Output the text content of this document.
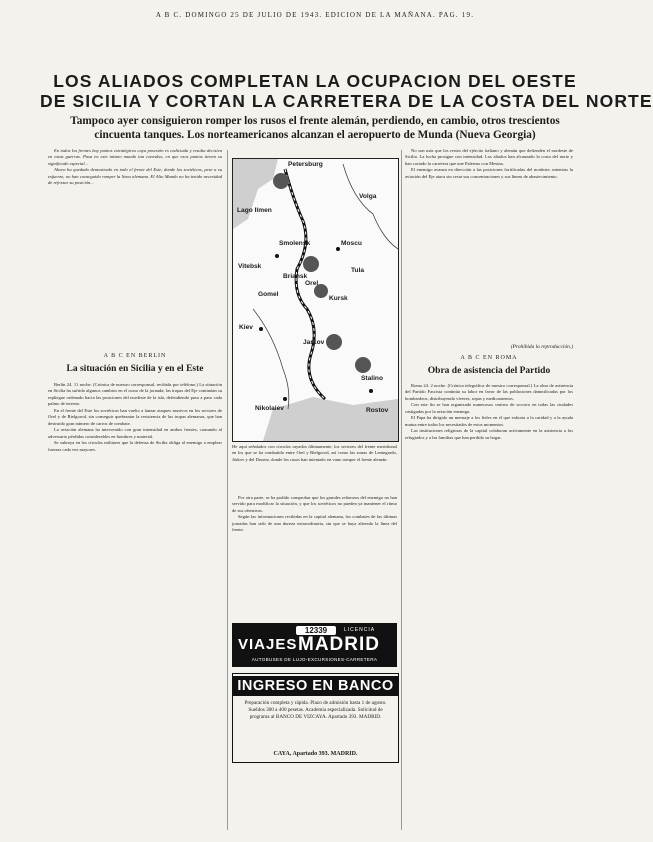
A B C. DOMINGO 25 DE JULIO DE 1943. EDICION DE LA MAÑANA. PAG. 19.
LOS ALIADOS COMPLETAN LA OCUPACION DEL OESTE
DE SICILIA Y CORTAN LA CARRETERA DE LA COSTA DEL NORTE
Tampoco ayer consiguieron romper los rusos el frente alemán, perdiendo, en cambio, otros trescientos
cincuenta tanques. Los norteamericanos alcanzan el aeropuerto de Munda (Nueva Georgia)

En todos los frentes hay puntos estratégicos cuya posesión es codiciada y resulta decisiva en estas guerras. Pasa en este mismo mundo tan convulso, en que esos puntos tienen su significado especial...

Ahora ha quedado demostrado en todo el frente del Este, donde los soviéticos, pese a su esfuerzo, no han conseguido romper la línea alemana. El Alto Mando no ha tenido necesidad de reforzar su posición...

A B C EN BERLIN
La situación en Sicilia y en el Este

Berlín 24. 11 noche. (Crónica de nuestro corresponsal, recibida por teléfono.) La situación en Sicilia ha sufrido algunos cambios en el curso de la jornada; las tropas del Eje continúan su repliegue ordenado hacia las posiciones del nordeste de la isla, defendiendo paso a paso cada palmo de terreno.

En el frente del Este los soviéticos han vuelto a lanzar ataques masivos en los sectores de Orel y de Bielgorod, sin conseguir quebrantar la resistencia de las tropas alemanas, que han destruido gran número de carros de combate.

La aviación alemana ha intervenido con gran intensidad en ambos frentes, causando al adversario pérdidas considerables en hombres y material.

Se subraya en los círculos militares que la defensa de Sicilia obliga al enemigo a emplear fuerzas cada vez mayores.

Petersburg
Lago Ilmen
Volga
Vitebsk
Smolensk	Moscu
Briansk
Orel
Tula
Gomel
Kursk
Kiev
Jarkov
Nikolaiev	Rostov
Stalino
He aquí señalados con círculos rayados últimamente, los sectores del frente meridional en los que se ha combatido entre Orel y Bielgorod, así como las zonas de Leningrado, Járkov y del Donetz, donde los rusos han intentado en vano romper el frente alemán.

Por otra parte, se ha podido comprobar que los grandes refuerzos del enemigo no han servido para modificar la situación, y que los soviéticos no pueden ya mantener el ritmo de sus ofensivas.

Según las informaciones recibidas en la capital alemana, los combates de las últimas jornadas han sido de una dureza extraordinaria, sin que se haya alterado la línea del frente.

12339	LICENCIA
VIAJES MADRID
AUTOBUSES DE LUJO-EXCURSIONES-CARRETERA
INGRESO EN BANCO
Preparación completa y rápida. Plazo de admisión hasta 1 de agosto. Sueldos 300 a 400 pesetas. Academia especializada. Solicitud de programa al BANCO DE VIZCAYA. Apartado 393. MADRID.
CAYA, Apartado 393. MADRID.

No son más que los restos del ejército italiano y alemán que defienden el nordeste de Sicilia. La lucha prosigue con intensidad. Los aliados han alcanzado la costa del norte y han cortado la carretera que une Palermo con Mesina.

El enemigo avanza en dirección a las posiciones fortificadas del nordeste, mientras la aviación del Eje ataca sin cesar sus concentraciones y sus líneas de abastecimiento.

(Prohibida la reproducción.)
A B C EN ROMA
Obra de asistencia del Partido

Roma 24. 2 noche. (Crónica telegráfica de nuestro corresponsal.) La obra de asistencia del Partido Fascista continúa su labor en favor de las poblaciones damnificadas por los bombardeos, distribuyendo víveres, ropas y medicamentos.

Con este fin se han organizado numerosos centros de socorro en todas las ciudades castigadas por la aviación enemiga.

El Papa ha dirigido un mensaje a los fieles en el que exhorta a la caridad y a la ayuda mutua entre todos los necesitados de estos momentos.

Las instituciones religiosas de la capital colaboran activamente en la asistencia a los refugiados y a las familias que han perdido su hogar.
